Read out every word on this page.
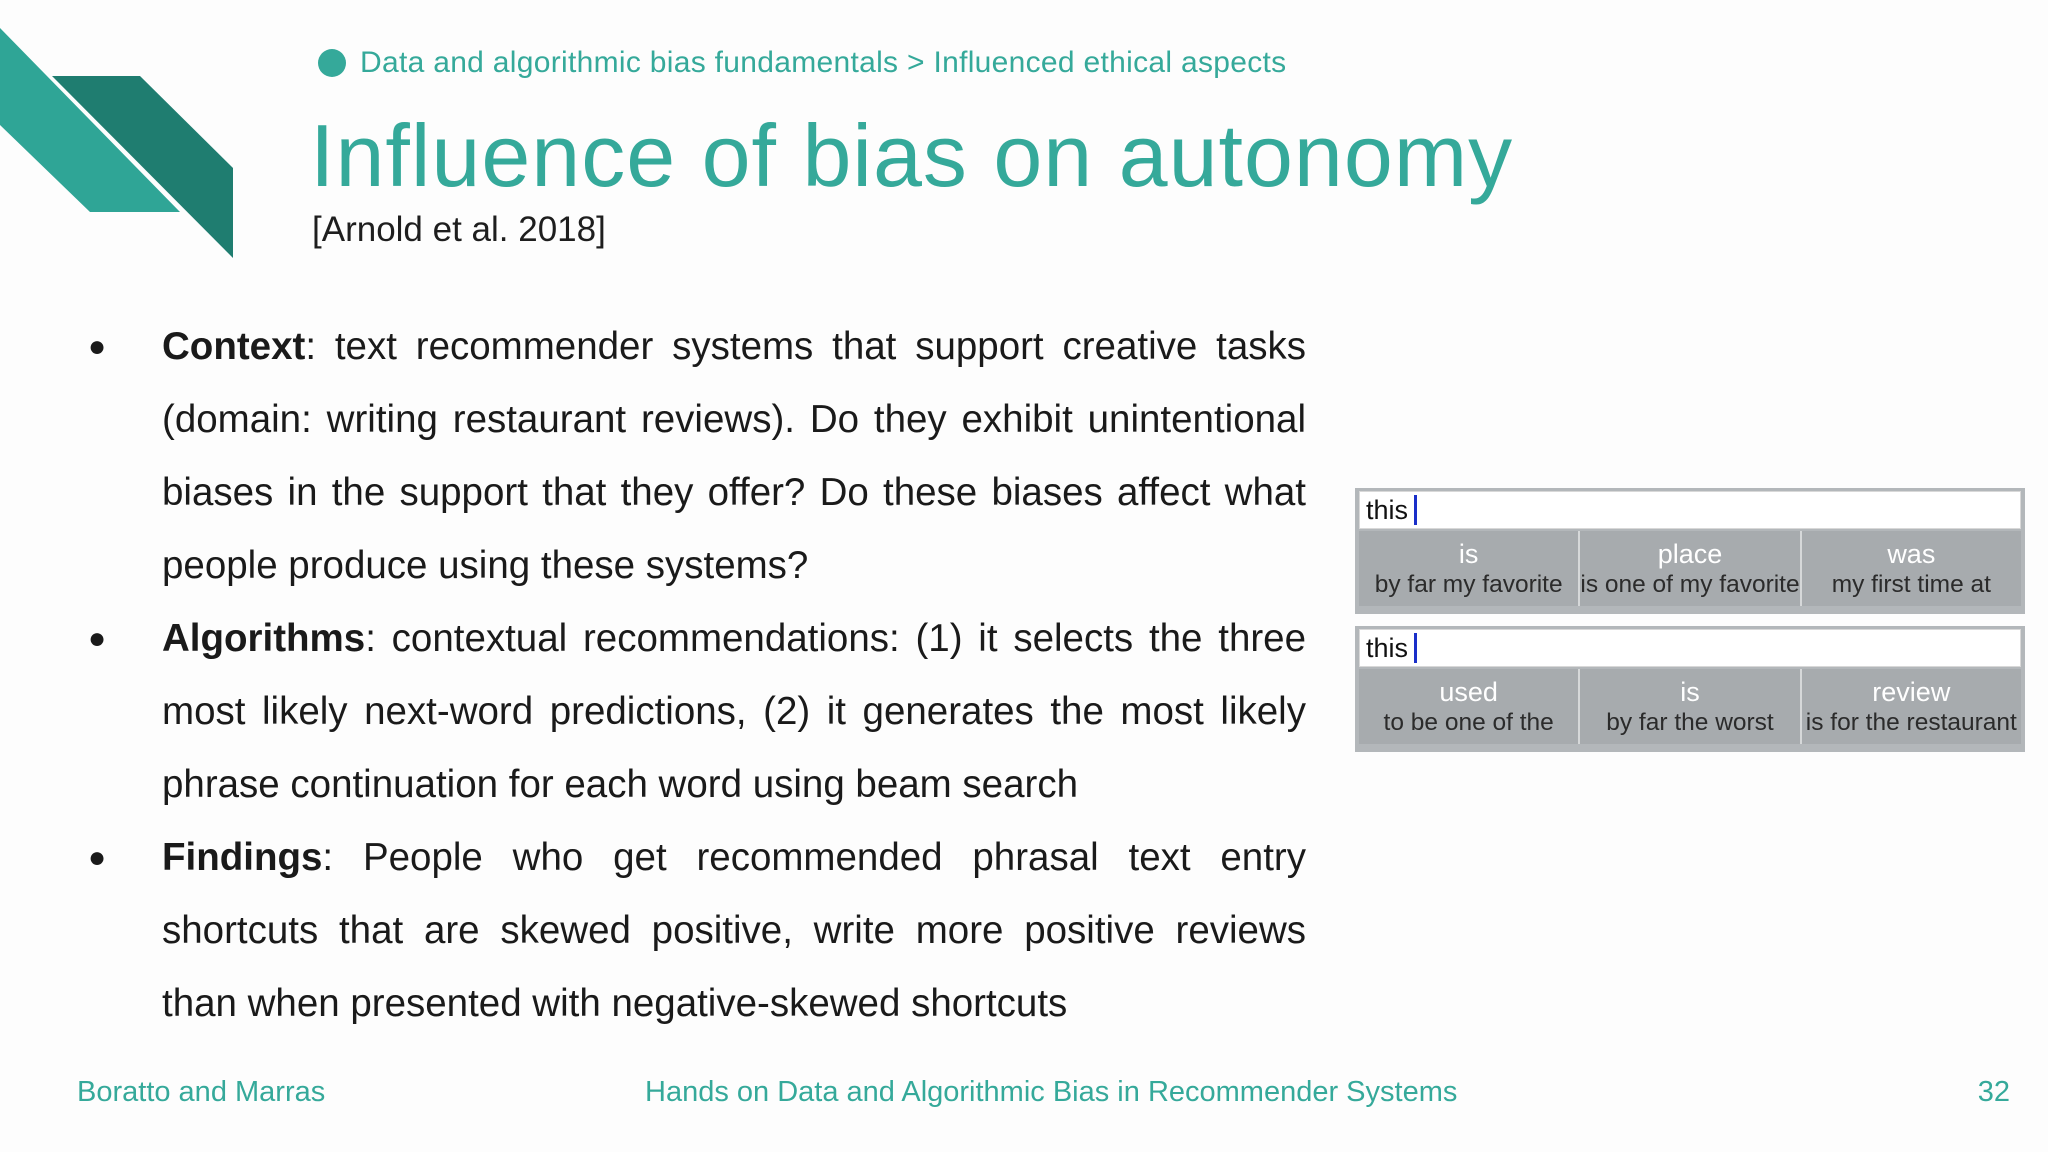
Data and algorithmic bias fundamentals > Influenced ethical aspects
Influence of bias on autonomy
[Arnold et al. 2018]
● Context: text recommender systems that support creative tasks (domain: writing restaurant reviews). Do they exhibit unintentional biases in the support that they offer? Do these biases affect what people produce using these systems?
● Algorithms: contextual recommendations: (1) it selects the three most likely next-word predictions, (2) it generates the most likely phrase continuation for each word using beam search
● Findings: People who get recommended phrasal text entry shortcuts that are skewed positive, write more positive reviews than when presented with negative-skewed shortcuts
this
is
by far my favorite
place
is one of my favorite
was
my first time at
this
used
to be one of the
is
by far the worst
review
is for the restaurant
Boratto and Marras	Hands on Data and Algorithmic Bias in Recommender Systems	32
